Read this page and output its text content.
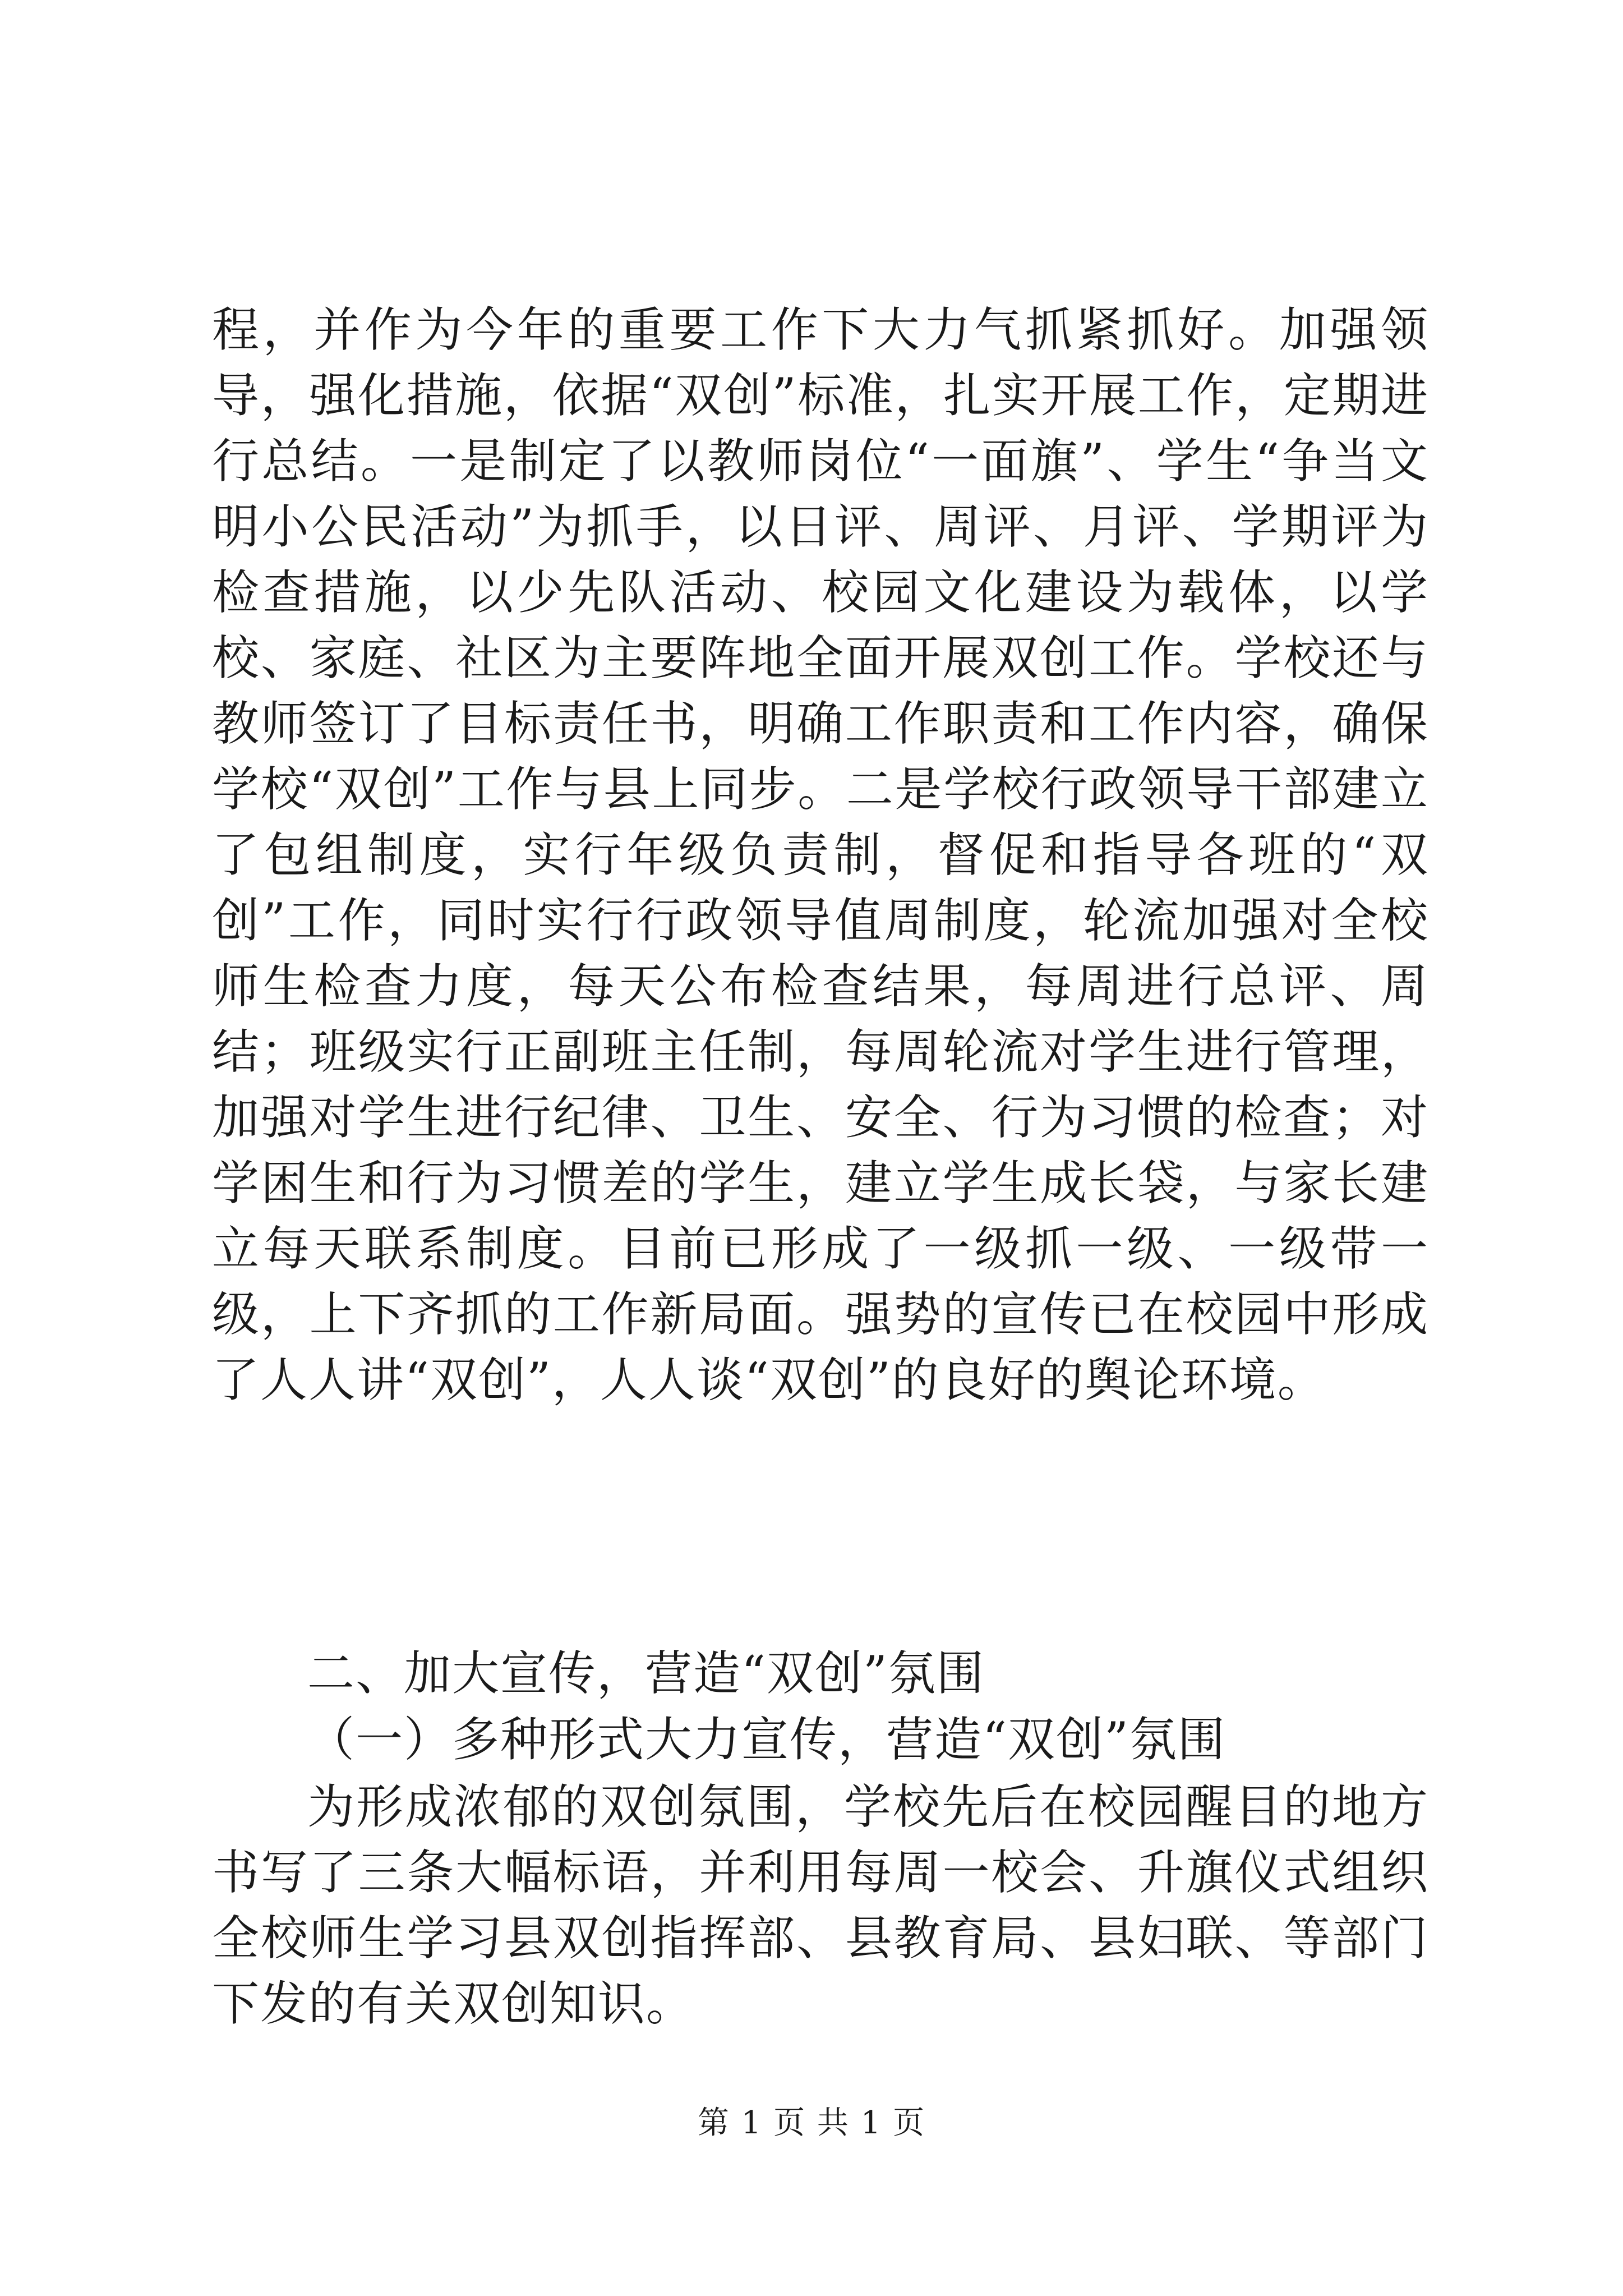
程，并作为今年的重要工作下大力气抓紧抓好。加强领导，强化措施，依据“双创”标准，扎实开展工作，定期进行总结。一是制定了以教师岗位“一面旗”、学生“争当文明小公民活动”为抓手，以日评、周评、月评、学期评为检查措施，以少先队活动、校园文化建设为载体，以学校、家庭、社区为主要阵地全面开展双创工作。学校还与教师签订了目标责任书，明确工作职责和工作内容，确保学校“双创”工作与县上同步。二是学校行政领导干部建立了包组制度，实行年级负责制，督促和指导各班的“双创”工作，同时实行行政领导值周制度，轮流加强对全校师生检查力度，每天公布检查结果，每周进行总评、周结；班级实行正副班主任制，每周轮流对学生进行管理，加强对学生进行纪律、卫生、安全、行为习惯的检查；对学困生和行为习惯差的学生，建立学生成长袋，与家长建立每天联系制度。目前已形成了一级抓一级、一级带一级，上下齐抓的工作新局面。强势的宣传已在校园中形成了人人讲“双创”，人人谈“双创”的良好的舆论环境。

二、加大宣传，营造“双创”氛围

（一）多种形式大力宣传，营造“双创”氛围

为形成浓郁的双创氛围，学校先后在校园醒目的地方书写了三条大幅标语，并利用每周一校会、升旗仪式组织全校师生学习县双创指挥部、县教育局、县妇联、等部门下发的有关双创知识。

第 1 页 共 1 页
